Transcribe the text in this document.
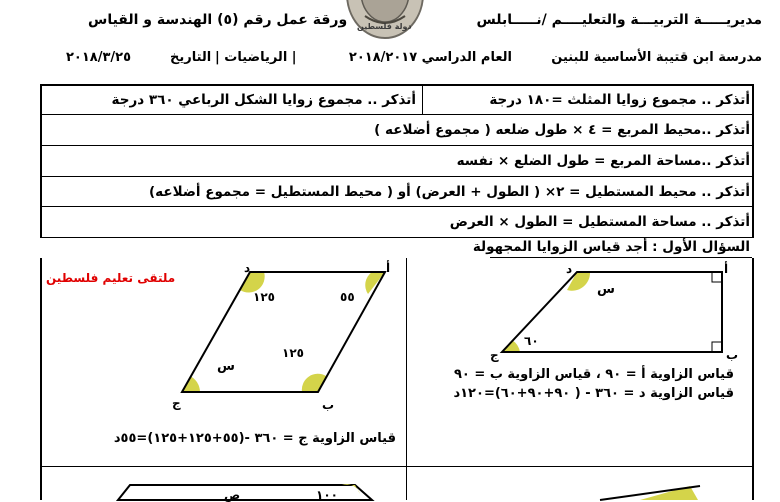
مديريـــــة التربيـــة والتعليــــم /نـــــابلس
ورقة عمل رقم (٥) الهندسة و القياس دولة فلسطين
مدرسة ابن قتيبة الأساسية للبنين
العام الدراسي ٢٠١٨/٢٠١٧
| الرياضيات |
التاريخ
٢٠١٨/٣/٢٥
أتذكر .. مجموع زوايا المثلث =١٨٠ درجة
أتذكر .. مجموع زوايا الشكل الرباعي ٣٦٠ درجة
أتذكر ..محيط المربع = ٤ × طول ضلعه ( مجموع أضلاعه )
أتذكر ..مساحة المربع = طول الضلع × نفسه
أتذكر .. محيط المستطيل = ٢× ( الطول + العرض) أو ( محيط المستطيل = مجموع أضلاعه)
أتذكر .. مساحة المستطيل = الطول × العرض
السؤال الأول : أجد قياس الزوايا المجهولة
أ
د
ب
ج
س
٦٠
قياس الزاوية أ = ٩٠ ، قياس الزاوية ب = ٩٠
قياس الزاوية د = ٣٦٠ - ( ٩٠+٩٠+٦٠)=١٢٠د
ملتقى تعليم فلسطين
د	أ
ب
ج
١٢٥	٥٥
١٢٥
س
قياس الزاوية ج = ٣٦٠ -(٥٥+١٢٥+١٢٥)=٥٥د
١٠٠
ص
